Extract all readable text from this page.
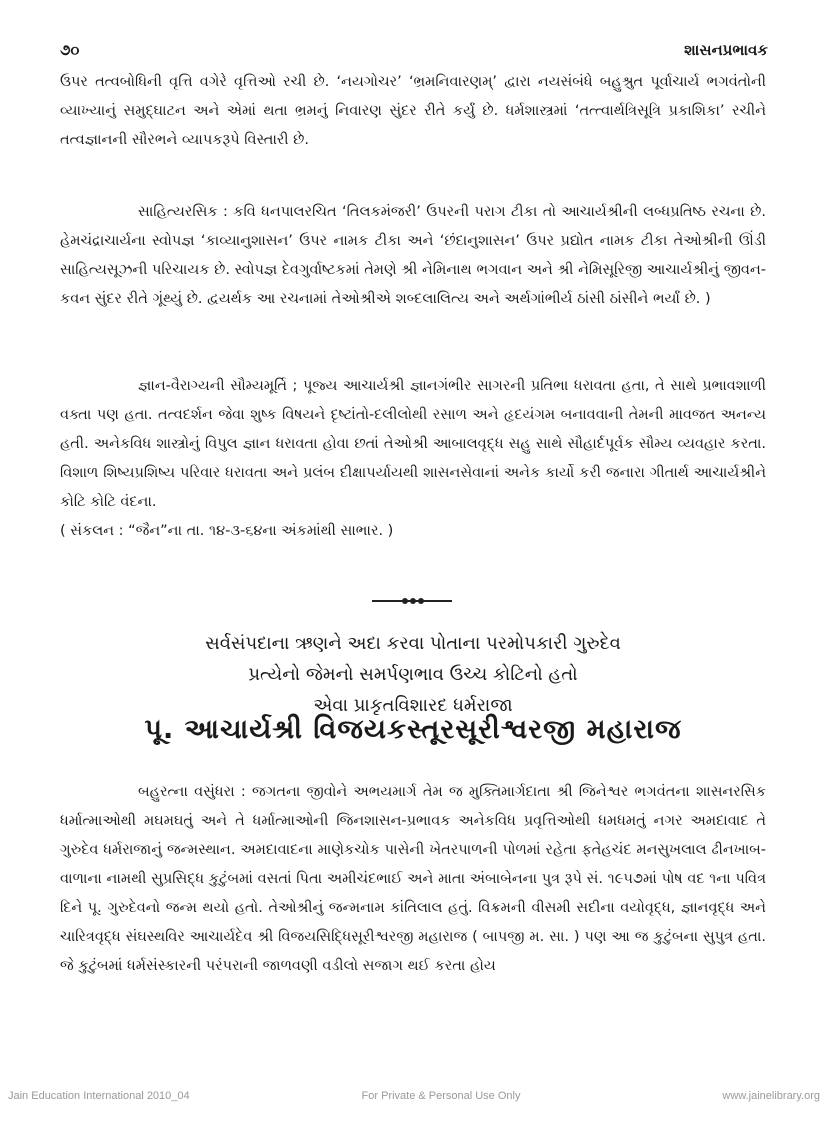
૭૦	શાસનપ્રભાવક

ઉપર તત્વબોધિની વૃત્તિ વગેરે વૃત્તિઓ રચી છે. ‘નયગોચર’ ‘ભ્રમનિવારણમ્’ દ્વારા નયસંબંધે બહુશ્રુત પૂર્વાચાર્ય ભગવંતોની વ્યાખ્યાનું સમુદ્ઘાટન અને એમાં થતા ભ્રમનું નિવારણ સુંદર રીતે કર્યું છે. ધર્મશાસ્ત્રમાં ‘તત્ત્વાર્થત્રિસૂત્રિ પ્રકાશિકા’ રચીને તત્વજ્ઞાનની સૌરભને વ્યાપકરૂપે વિસ્તારી છે.

સાહિત્યરસિક : કવિ ધનપાલરચિત ‘તિલકમંજરી’ ઉપરની પરાગ ટીકા તો આચાર્યશ્રીની લબ્ધપ્રતિષ્ઠ રચના છે. હેમચંદ્રાચાર્યના સ્વોપજ્ઞ ‘કાવ્યાનુશાસન’ ઉપર નામક ટીકા અને ‘છંદાનુશાસન’ ઉપર પ્રદ્યોત નામક ટીકા તેઓશ્રીની ઊંડી સાહિત્યસૂઝની પરિચાયક છે. સ્વોપજ્ઞ દેવગુર્વાષ્ટકમાં તેમણે શ્રી નેમિનાથ ભગવાન અને શ્રી નેમિસૂરિજી આચાર્યશ્રીનું જીવન-કવન સુંદર રીતે ગૂંથ્યું છે. દ્વયર્થક આ રચનામાં તેઓશ્રીએ શબ્દલાલિત્ય અને અર્થગાંભીર્ય ઠાંસી ઠાંસીને ભર્યાં છે. )

જ્ઞાન-વૈરાગ્યની સૌમ્યમૂર્તિ ; પૂજ્ય આચાર્યશ્રી જ્ઞાનગંભીર સાગરની પ્રતિભા ધરાવતા હતા, તે સાથે પ્રભાવશાળી વક્તા પણ હતા. તત્વદર્શન જેવા શુષ્ક વિષયને દૃષ્ટાંતો-દલીલોથી રસાળ અને હૃદયંગમ બનાવવાની તેમની માવજત અનન્ય હતી. અનેકવિધ શાસ્ત્રોનું વિપુલ જ્ઞાન ધરાવતા હોવા છતાં તેઓશ્રી આબાલવૃદ્ધ સહુ સાથે સૌહાર્દપૂર્વક સૌમ્ય વ્યવહાર કરતા. વિશાળ શિષ્યપ્રશિષ્ય પરિવાર ધરાવતા અને પ્રલંબ દીક્ષાપર્યાયથી શાસનસેવાનાં અનેક કાર્યો કરી જનારા ગીતાર્થ આચાર્યશ્રીને કોટિ કોટિ વંદના.

( સંકલન : “જૈન”ના તા. ૧૪-૩-૬૪ના અંકમાંથી સાભાર. )

સર્વસંપદાના ઋણને અદા કરવા પોતાના પરમોપકારી ગુરુદેવ
પ્રત્યેનો જેમનો સમર્પણભાવ ઉચ્ચ કોટિનો હતો
એવા પ્રાકૃતવિશારદ ધર્મરાજા
પૂ. આચાર્યશ્રી વિજયકસ્તૂરસૂરીશ્વરજી મહારાજ

બહુરત્ના વસુંધરા : જગતના જીવોને અભયમાર્ગ તેમ જ મુક્તિમાર્ગદાતા શ્રી જિનેશ્વર ભગવંતના શાસનરસિક ધર્માત્માઓથી મઘમઘતું અને તે ધર્માત્માઓની જિનશાસન-પ્રભાવક અનેકવિધ પ્રવૃત્તિઓથી ધમધમતું નગર અમદાવાદ તે ગુરુદેવ ધર્મરાજાનું જન્મસ્થાન. અમદાવાદના માણેકચોક પાસેની ખેતરપાળની પોળમાં રહેતા ફતેહચંદ મનસુખલાલ ઢીનખાબ-વાળાના નામથી સુપ્રસિદ્ધ કુટુંબમાં વસતાં પિતા અમીચંદભાઈ અને માતા અંબાબેનના પુત્ર રૂપે સં. ૧૯૫૭માં પોષ વદ ૧ના પવિત્ર દિને પૂ. ગુરુદેવનો જન્મ થયો હતો. તેઓશ્રીનું જન્મનામ કાંતિલાલ હતું. વિક્રમની વીસમી સદીના વયોવૃદ્ધ, જ્ઞાનવૃદ્ધ અને ચારિત્રવૃદ્ધ સંઘસ્થવિર આચાર્યદેવ શ્રી વિજયસિદ્ધિસૂરીશ્વરજી મહારાજ ( બાપજી મ. સા. ) પણ આ જ કુટુંબના સુપુત્ર હતા. જે કુટુંબમાં ધર્મસંસ્કારની પરંપરાની જાળવણી વડીલો સજાગ થઈ કરતા હોય

Jain Education International 2010_04	For Private & Personal Use Only	www.jainelibrary.org
